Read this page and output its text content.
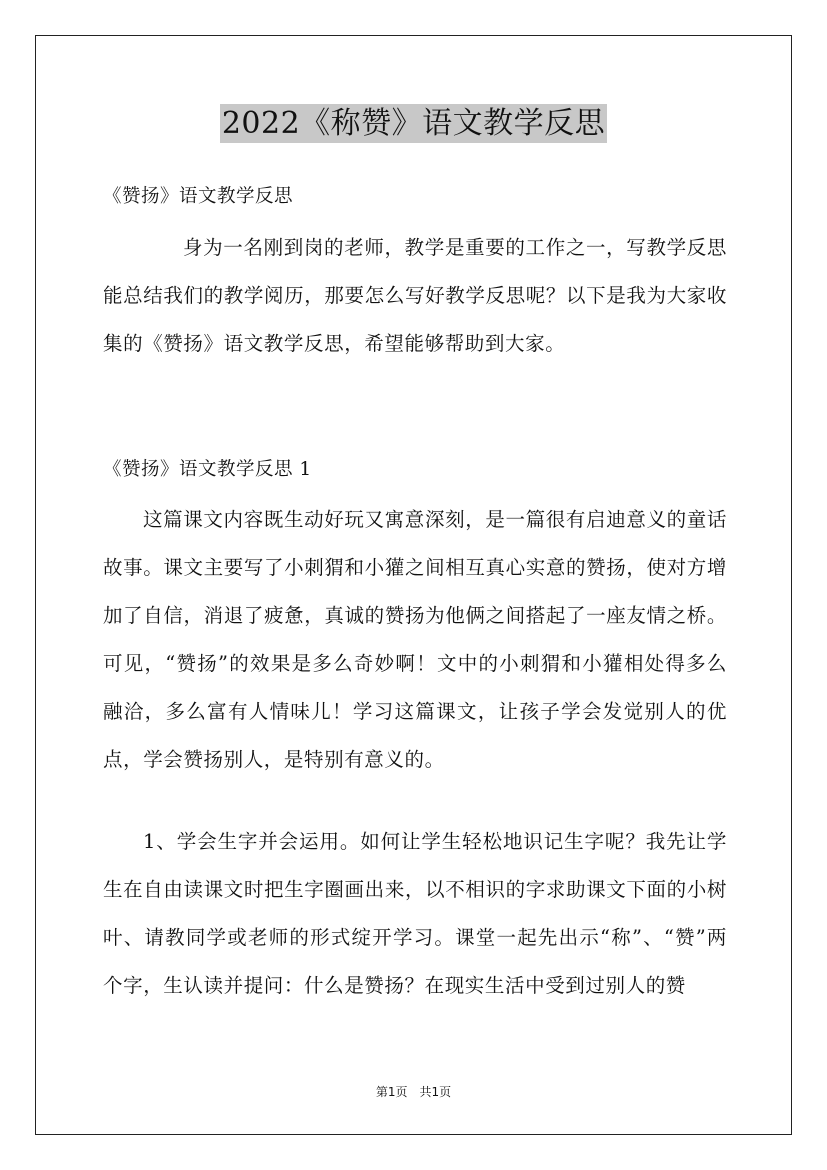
2022《称赞》语文教学反思
《赞扬》语文教学反思
身为一名刚到岗的老师，教学是重要的工作之一，写教学反思能总结我们的教学阅历，那要怎么写好教学反思呢？以下是我为大家收集的《赞扬》语文教学反思，希望能够帮助到大家。
《赞扬》语文教学反思 1
这篇课文内容既生动好玩又寓意深刻，是一篇很有启迪意义的童话故事。课文主要写了小刺猬和小獾之间相互真心实意的赞扬，使对方增加了自信，消退了疲惫，真诚的赞扬为他俩之间搭起了一座友情之桥。可见，“赞扬”的效果是多么奇妙啊！文中的小刺猬和小獾相处得多么融洽，多么富有人情味儿！学习这篇课文，让孩子学会发觉别人的优点，学会赞扬别人，是特别有意义的。
1、学会生字并会运用。如何让学生轻松地识记生字呢？我先让学生在自由读课文时把生字圈画出来，以不相识的字求助课文下面的小树叶、请教同学或老师的形式绽开学习。课堂一起先出示“称”、“赞”两个字，生认读并提问：什么是赞扬？在现实生活中受到过别人的赞
第1页　共1页
